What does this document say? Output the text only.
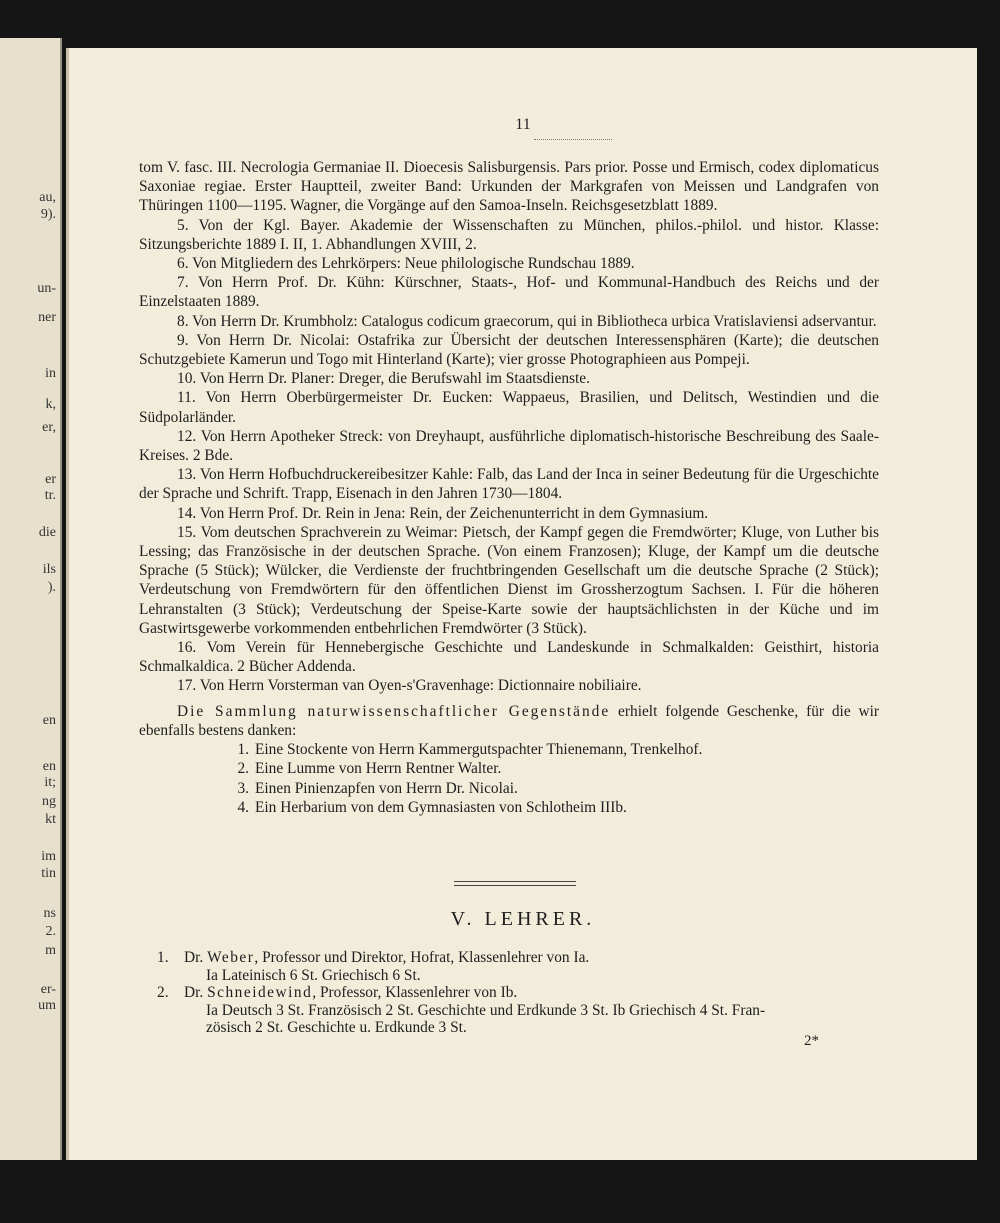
au,
9).
un-
ner
in
k,
er,
er
tr.
die
ils
).
en
en
it;
ng
kt
im
tin
ns
2.
m
er-
um
11

tom V. fasc. III. Necrologia Germaniae II. Dioecesis Salisburgensis. Pars prior. Posse und Ermisch, codex diplomaticus Saxoniae regiae. Erster Hauptteil, zweiter Band: Urkunden der Markgrafen von Meissen und Landgrafen von Thüringen 1100—1195. Wagner, die Vorgänge auf den Samoa-Inseln. Reichsgesetzblatt 1889.

5. Von der Kgl. Bayer. Akademie der Wissenschaften zu München, philos.-philol. und histor. Klasse: Sitzungsberichte 1889 I. II, 1. Abhandlungen XVIII, 2.

6. Von Mitgliedern des Lehrkörpers: Neue philologische Rundschau 1889.

7. Von Herrn Prof. Dr. Kühn: Kürschner, Staats-, Hof- und Kommunal-Handbuch des Reichs und der Einzelstaaten 1889.

8. Von Herrn Dr. Krumbholz: Catalogus codicum graecorum, qui in Bibliotheca urbica Vratislaviensi adservantur.

9. Von Herrn Dr. Nicolai: Ostafrika zur Übersicht der deutschen Interessensphären (Karte); die deutschen Schutzgebiete Kamerun und Togo mit Hinterland (Karte); vier grosse Photographieen aus Pompeji.

10. Von Herrn Dr. Planer: Dreger, die Berufswahl im Staatsdienste.

11. Von Herrn Oberbürgermeister Dr. Eucken: Wappaeus, Brasilien, und Delitsch, Westindien und die Südpolarländer.

12. Von Herrn Apotheker Streck: von Dreyhaupt, ausführliche diplomatisch-historische Beschreibung des Saale-Kreises. 2 Bde.

13. Von Herrn Hofbuchdruckereibesitzer Kahle: Falb, das Land der Inca in seiner Bedeutung für die Urgeschichte der Sprache und Schrift. Trapp, Eisenach in den Jahren 1730—1804.

14. Von Herrn Prof. Dr. Rein in Jena: Rein, der Zeichenunterricht in dem Gymnasium.

15. Vom deutschen Sprachverein zu Weimar: Pietsch, der Kampf gegen die Fremdwörter; Kluge, von Luther bis Lessing; das Französische in der deutschen Sprache. (Von einem Franzosen); Kluge, der Kampf um die deutsche Sprache (5 Stück); Wülcker, die Verdienste der fruchtbringenden Gesellschaft um die deutsche Sprache (2 Stück); Verdeutschung von Fremdwörtern für den öffentlichen Dienst im Grossherzogtum Sachsen. I. Für die höheren Lehranstalten (3 Stück); Verdeutschung der Speise-Karte sowie der hauptsächlichsten in der Küche und im Gastwirtsgewerbe vorkommenden entbehrlichen Fremdwörter (3 Stück).

16. Vom Verein für Hennebergische Geschichte und Landeskunde in Schmalkalden: Geisthirt, historia Schmalkaldica. 2 Bücher Addenda.

17. Von Herrn Vorsterman van Oyen-s'Gravenhage: Dictionnaire nobiliaire.

Die Sammlung naturwissenschaftlicher Gegenstände erhielt folgende Geschenke, für die wir ebenfalls bestens danken:

1. Eine Stockente von Herrn Kammergutspachter Thienemann, Trenkelhof.
2. Eine Lumme von Herrn Rentner Walter.
3. Einen Pinienzapfen von Herrn Dr. Nicolai.
4. Ein Herbarium von dem Gymnasiasten von Schlotheim IIIb.
V. LEHRER.
1. Dr. Weber, Professor und Direktor, Hofrat, Klassenlehrer von Ia.
Ia Lateinisch 6 St. Griechisch 6 St.
2. Dr. Schneidewind, Professor, Klassenlehrer von Ib.
Ia Deutsch 3 St. Französisch 2 St. Geschichte und Erdkunde 3 St. Ib Griechisch 4 St. Fran-
zösisch 2 St. Geschichte u. Erdkunde 3 St.
2*
